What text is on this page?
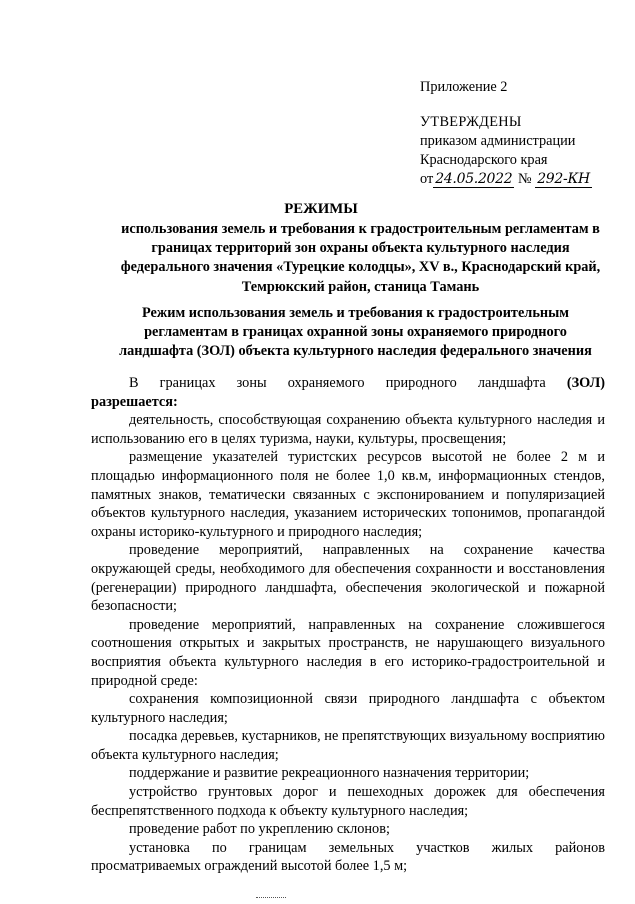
Приложение 2
УТВЕРЖДЕНЫ
приказом администрации
Краснодарского края
от 24.05.2022 № 292-КН
РЕЖИМЫ
использования земель и требования к градостроительным регламентам в границах территорий зон охраны объекта культурного наследия федерального значения «Турецкие колодцы», XV в., Краснодарский край, Темрюкский район, станица Тамань
Режим использования земель и требования к градостроительным регламентам в границах охранной зоны охраняемого природного ландшафта (ЗОЛ) объекта культурного наследия федерального значения

В границах зоны охраняемого природного ландшафта (ЗОЛ)

разрешается:

деятельность, способствующая сохранению объекта культурного наследия и использованию его в целях туризма, науки, культуры, просвещения;

размещение указателей туристских ресурсов высотой не более 2 м и площадью информационного поля не более 1,0 кв.м, информационных стендов, памятных знаков, тематически связанных с экспонированием и популяризацией объектов культурного наследия, указанием исторических топонимов, пропагандой охраны историко-культурного и природного наследия;

проведение мероприятий, направленных на сохранение качества окружающей среды, необходимого для обеспечения сохранности и восстановления (регенерации) природного ландшафта, обеспечения экологической и пожарной безопасности;

проведение мероприятий, направленных на сохранение сложившегося соотношения открытых и закрытых пространств, не нарушающего визуального восприятия объекта культурного наследия в его историко-градостроительной и природной среде:

сохранения композиционной связи природного ландшафта с объектом культурного наследия;

посадка деревьев, кустарников, не препятствующих визуальному восприятию объекта культурного наследия;

поддержание и развитие рекреационного назначения территории;

устройство грунтовых дорог и пешеходных дорожек для обеспечения беспрепятственного подхода к объекту культурного наследия;

проведение работ по укреплению склонов;

установка по границам земельных участков жилых районов просматриваемых ограждений высотой более 1,5 м;
